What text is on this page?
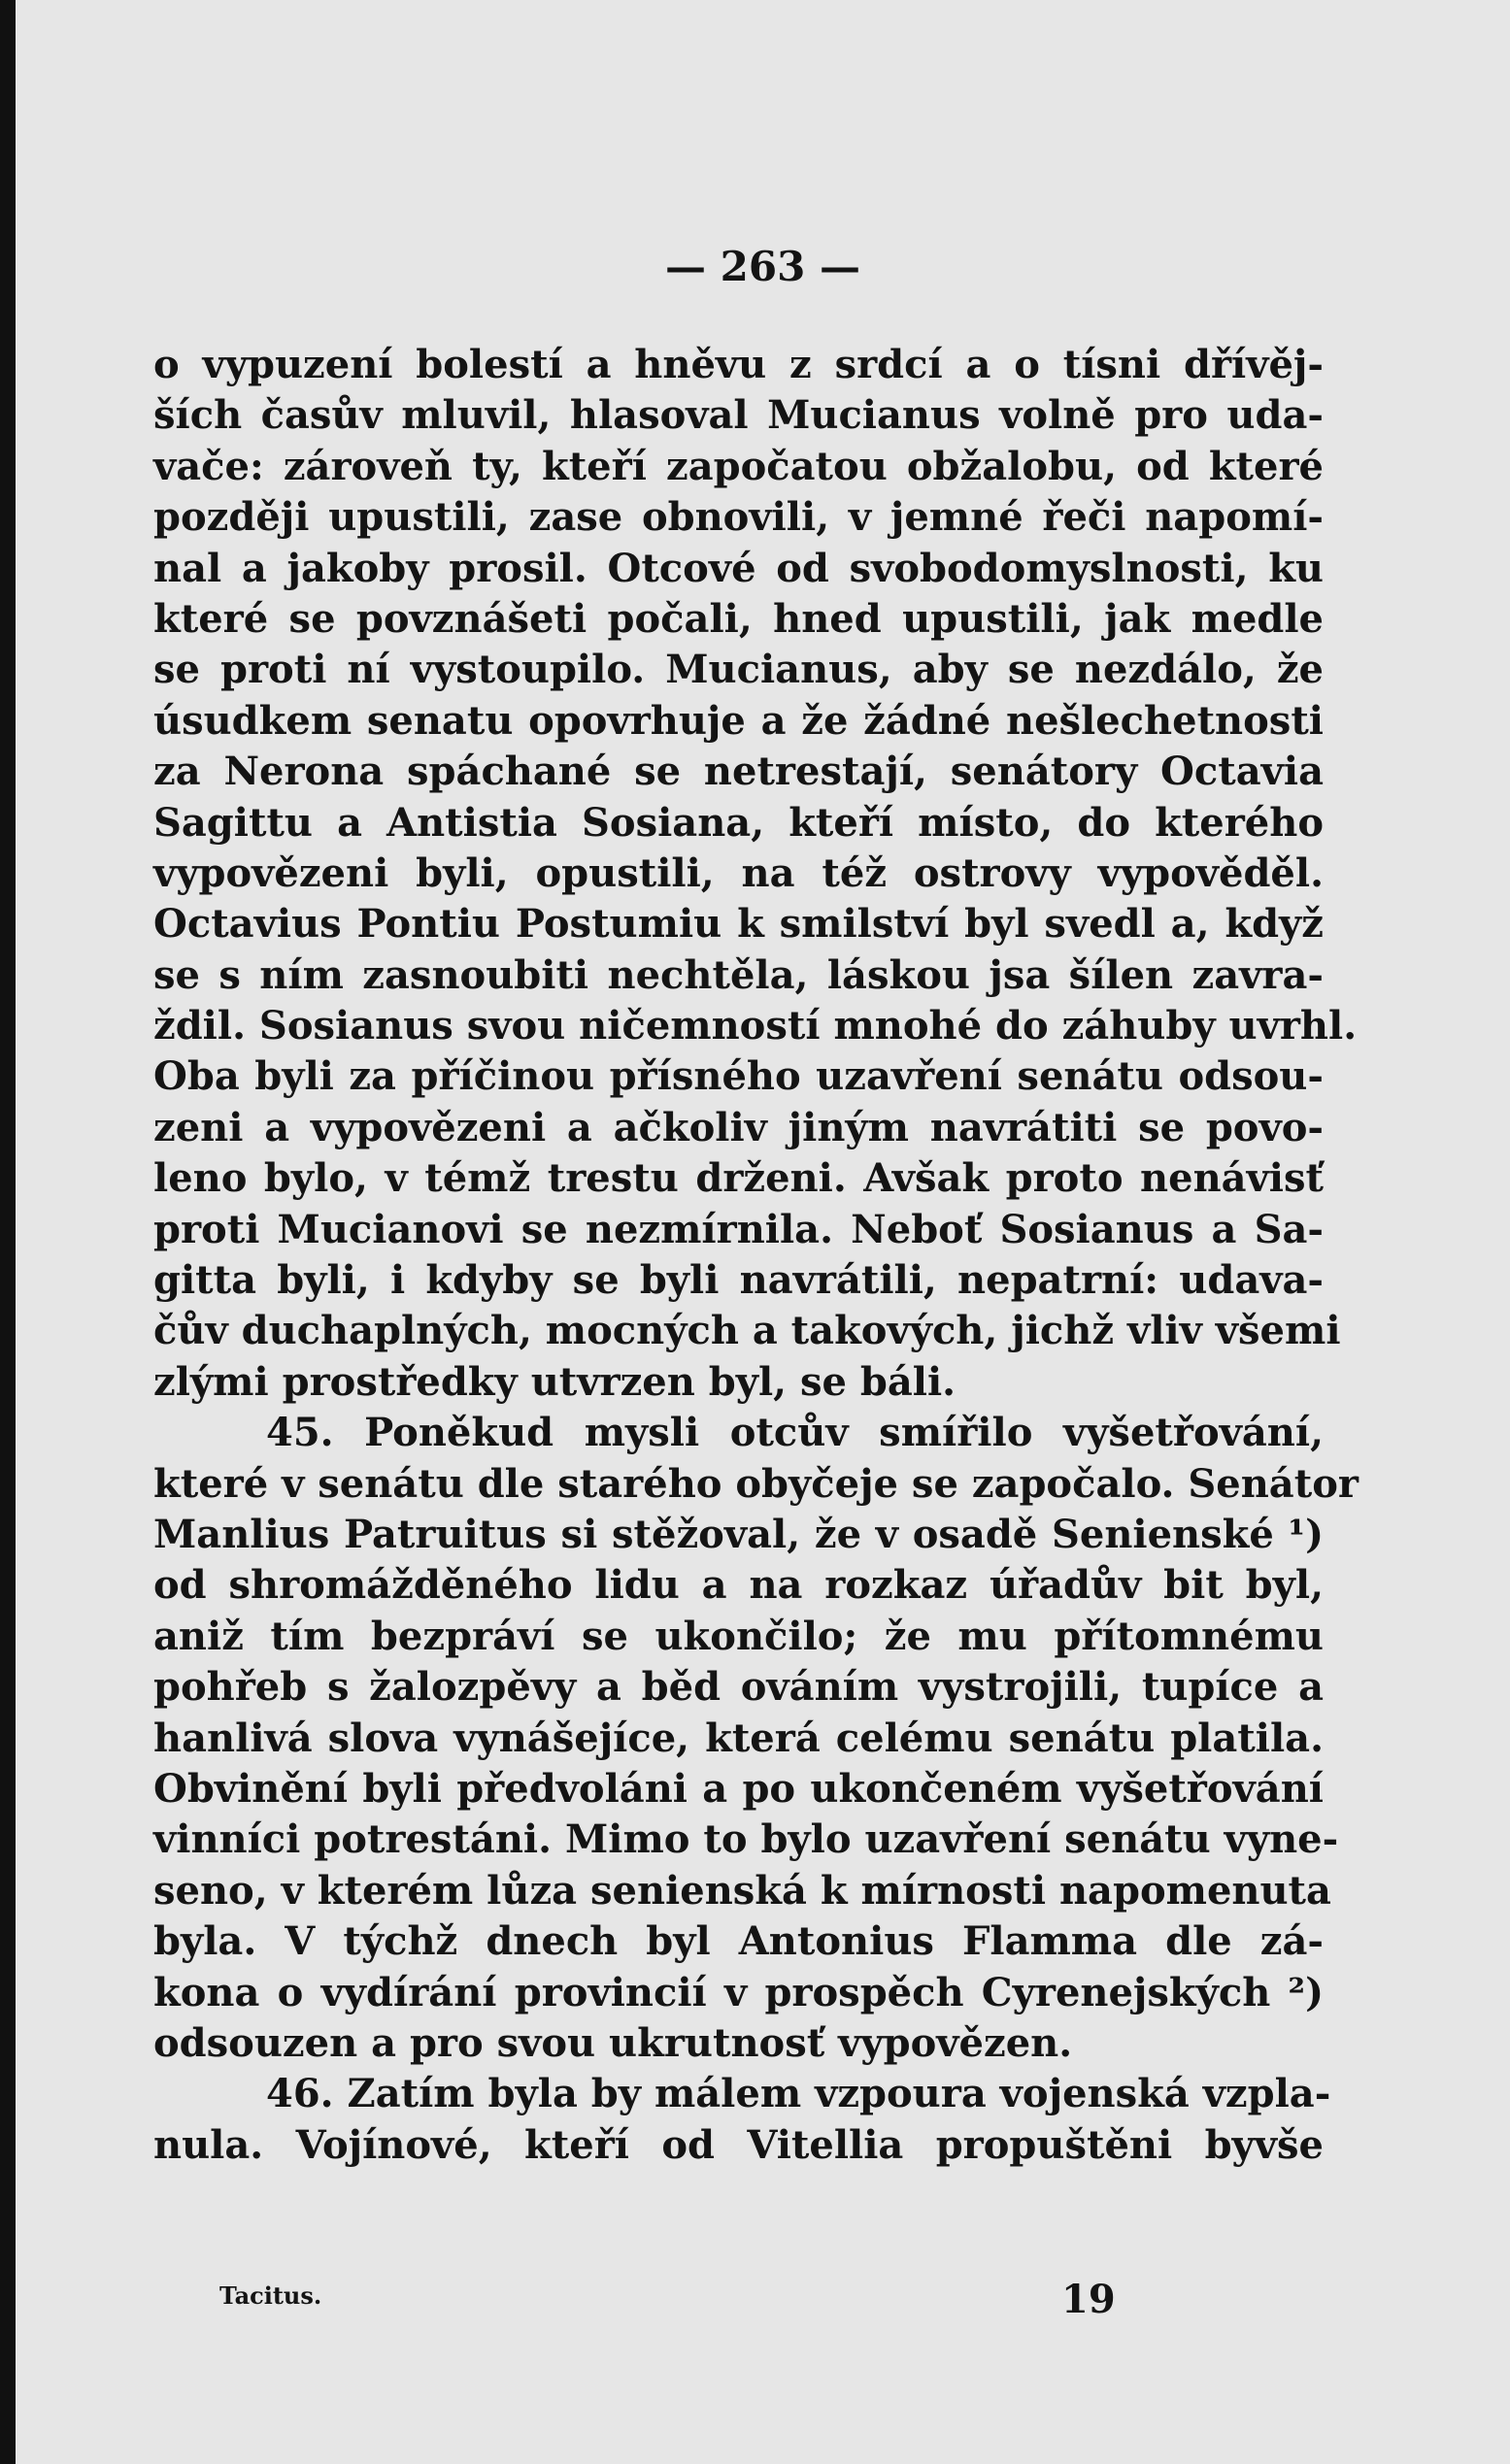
— 263 —
o vypuzení bolestí a hněvu z srdcí a o tísni dřívěj-
ších časův mluvil, hlasoval Mucianus volně pro uda-
vače: zároveň ty, kteří započatou obžalobu, od které
později upustili, zase obnovili, v jemné řeči napomí-
nal a jakoby prosil. Otcové od svobodomyslnosti, ku
které se povznášeti počali, hned upustili, jak medle
se proti ní vystoupilo. Mucianus, aby se nezdálo, že
úsudkem senatu opovrhuje a že žádné nešlechetnosti
za Nerona spáchané se netrestají, senátory Octavia
Sagittu a Antistia Sosiana, kteří místo, do kterého
vypovězeni byli, opustili, na též ostrovy vypověděl.
Octavius Pontiu Postumiu k smilství byl svedl a, když
se s ním zasnoubiti nechtěla, láskou jsa šílen zavra-
ždil. Sosianus svou ničemností mnohé do záhuby uvrhl.
Oba byli za příčinou přísného uzavření senátu odsou-
zeni a vypovězeni a ačkoliv jiným navrátiti se povo-
leno bylo, v témž trestu drženi. Avšak proto nenávisť
proti Mucianovi se nezmírnila. Neboť Sosianus a Sa-
gitta byli, i kdyby se byli navrátili, nepatrní: udava-
čův duchaplných, mocných a takových, jichž vliv všemi
zlými prostředky utvrzen byl, se báli.
45. Poněkud mysli otcův smířilo vyšetřování,
které v senátu dle starého obyčeje se započalo. Senátor
Manlius Patruitus si stěžoval, že v osadě Senienské ¹)
od shromážděného lidu a na rozkaz úřadův bit byl,
aniž tím bezpráví se ukončilo; že mu přítomnému
pohřeb s žalozpěvy a běd ováním vystrojili, tupíce a
hanlivá slova vynášejíce, která celému senátu platila.
Obvinění byli předvoláni a po ukončeném vyšetřování
vinníci potrestáni. Mimo to bylo uzavření senátu vyne-
seno, v kterém lůza senienská k mírnosti napomenuta
byla. V týchž dnech byl Antonius Flamma dle zá-
kona o vydírání provincií v prospěch Cyrenejských ²)
odsouzen a pro svou ukrutnosť vypovězen.
46. Zatím byla by málem vzpoura vojenská vzpla-
nula. Vojínové, kteří od Vitellia propuštěni byvše
Tacitus.	19
